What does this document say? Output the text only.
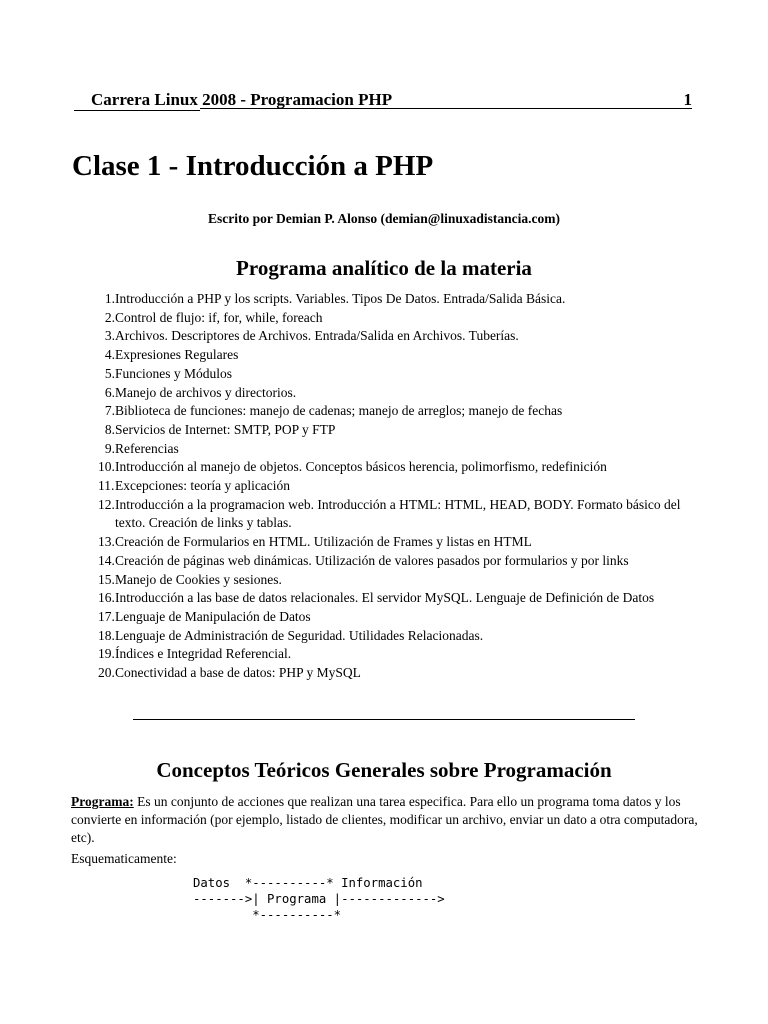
Carrera Linux 2008 - Programacion PHP	1
Clase 1 - Introducción a PHP
Escrito por Demian P. Alonso (demian@linuxadistancia.com)
Programa analítico de la materia
1. Introducción a PHP y los scripts. Variables. Tipos De Datos. Entrada/Salida Básica.
2. Control de flujo: if, for, while, foreach
3. Archivos. Descriptores de Archivos. Entrada/Salida en Archivos. Tuberías.
4. Expresiones Regulares
5. Funciones y Módulos
6. Manejo de archivos y directorios.
7. Biblioteca de funciones: manejo de cadenas; manejo de arreglos; manejo de fechas
8. Servicios de Internet: SMTP, POP y FTP
9. Referencias
10. Introducción al manejo de objetos. Conceptos básicos herencia, polimorfismo, redefinición
11. Excepciones: teoría y aplicación
12. Introducción a la programacion web. Introducción a HTML: HTML, HEAD, BODY. Formato básico del texto. Creación de links y tablas.
13. Creación de Formularios en HTML. Utilización de Frames y listas en HTML
14. Creación de páginas web dinámicas. Utilización de valores pasados por formularios y por links
15. Manejo de Cookies y sesiones.
16. Introducción a las base de datos relacionales. El servidor MySQL. Lenguaje de Definición de Datos
17. Lenguaje de Manipulación de Datos
18. Lenguaje de Administración de Seguridad. Utilidades Relacionadas.
19. Índices e Integridad Referencial.
20. Conectividad a base de datos: PHP y MySQL
Conceptos Teóricos Generales sobre Programación

Programa: Es un conjunto de acciones que realizan una tarea especifica. Para ello un programa toma datos y los convierte en información (por ejemplo, listado de clientes, modificar un archivo, enviar un dato a otra computadora, etc).

Esquematicamente:
Datos  *----------* Información
------->| Programa |------------->
*----------*
